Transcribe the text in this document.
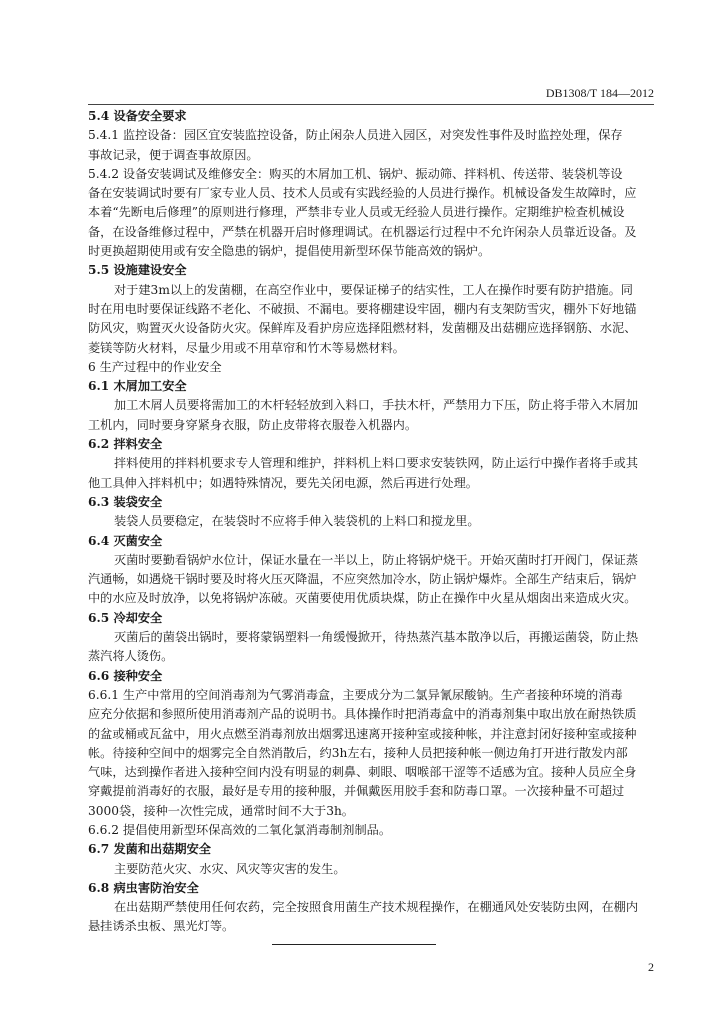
DB1308/T 184—2012
5.4 设备安全要求
5.4.1 监控设备：园区宜安装监控设备，防止闲杂人员进入园区，对突发性事件及时监控处理，保存
事故记录，便于调查事故原因。
5.4.2 设备安装调试及维修安全：购买的木屑加工机、锅炉、振动筛、拌料机、传送带、装袋机等设
备在安装调试时要有厂家专业人员、技术人员或有实践经验的人员进行操作。机械设备发生故障时，应
本着“先断电后修理”的原则进行修理，严禁非专业人员或无经验人员进行操作。定期维护检查机械设
备，在设备维修过程中，严禁在机器开启时修理调试。在机器运行过程中不允许闲杂人员靠近设备。及
时更换超期使用或有安全隐患的锅炉，提倡使用新型环保节能高效的锅炉。
5.5 设施建设安全
对于建3m以上的发菌棚，在高空作业中，要保证梯子的结实性，工人在操作时要有防护措施。同
时在用电时要保证线路不老化、不破损、不漏电。要将棚建设牢固，棚内有支架防雪灾，棚外下好地锚
防风灾，购置灭火设备防火灾。保鲜库及看护房应选择阻燃材料，发菌棚及出菇棚应选择钢筋、水泥、
菱镁等防火材料，尽量少用或不用草帘和竹木等易燃材料。
6 生产过程中的作业安全
6.1 木屑加工安全
加工木屑人员要将需加工的木杆轻轻放到入料口，手扶木杆，严禁用力下压，防止将手带入木屑加
工机内，同时要身穿紧身衣服，防止皮带将衣服卷入机器内。
6.2 拌料安全
拌料使用的拌料机要求专人管理和维护，拌料机上料口要求安装铁网，防止运行中操作者将手或其
他工具伸入拌料机中；如遇特殊情况，要先关闭电源，然后再进行处理。
6.3 装袋安全
装袋人员要稳定，在装袋时不应将手伸入装袋机的上料口和搅龙里。
6.4 灭菌安全
灭菌时要勤看锅炉水位计，保证水量在一半以上，防止将锅炉烧干。开始灭菌时打开阀门，保证蒸
汽通畅，如遇烧干锅时要及时将火压灭降温，不应突然加冷水，防止锅炉爆炸。全部生产结束后，锅炉
中的水应及时放净，以免将锅炉冻破。灭菌要使用优质块煤，防止在操作中火星从烟囱出来造成火灾。
6.5 冷却安全
灭菌后的菌袋出锅时，要将蒙锅塑料一角缓慢掀开，待热蒸汽基本散净以后，再搬运菌袋，防止热
蒸汽将人烫伤。
6.6 接种安全
6.6.1 生产中常用的空间消毒剂为气雾消毒盒，主要成分为二氯异氰尿酸钠。生产者接种环境的消毒
应充分依据和参照所使用消毒剂产品的说明书。具体操作时把消毒盒中的消毒剂集中取出放在耐热铁质
的盆或桶或瓦盆中，用火点燃至消毒剂放出烟雾迅速离开接种室或接种帐，并注意封闭好接种室或接种
帐。待接种空间中的烟雾完全自然消散后，约3h左右，接种人员把接种帐一侧边角打开进行散发内部
气味，达到操作者进入接种空间内没有明显的刺鼻、刺眼、咽喉部干涩等不适感为宜。接种人员应全身
穿戴提前消毒好的衣服，最好是专用的接种服，并佩戴医用胶手套和防毒口罩。一次接种量不可超过
3000袋，接种一次性完成，通常时间不大于3h。
6.6.2 提倡使用新型环保高效的二氧化氯消毒制剂制品。
6.7 发菌和出菇期安全
主要防范火灾、水灾、风灾等灾害的发生。
6.8 病虫害防治安全
在出菇期严禁使用任何农药，完全按照食用菌生产技术规程操作，在棚通风处安装防虫网，在棚内
悬挂诱杀虫板、黑光灯等。
2
